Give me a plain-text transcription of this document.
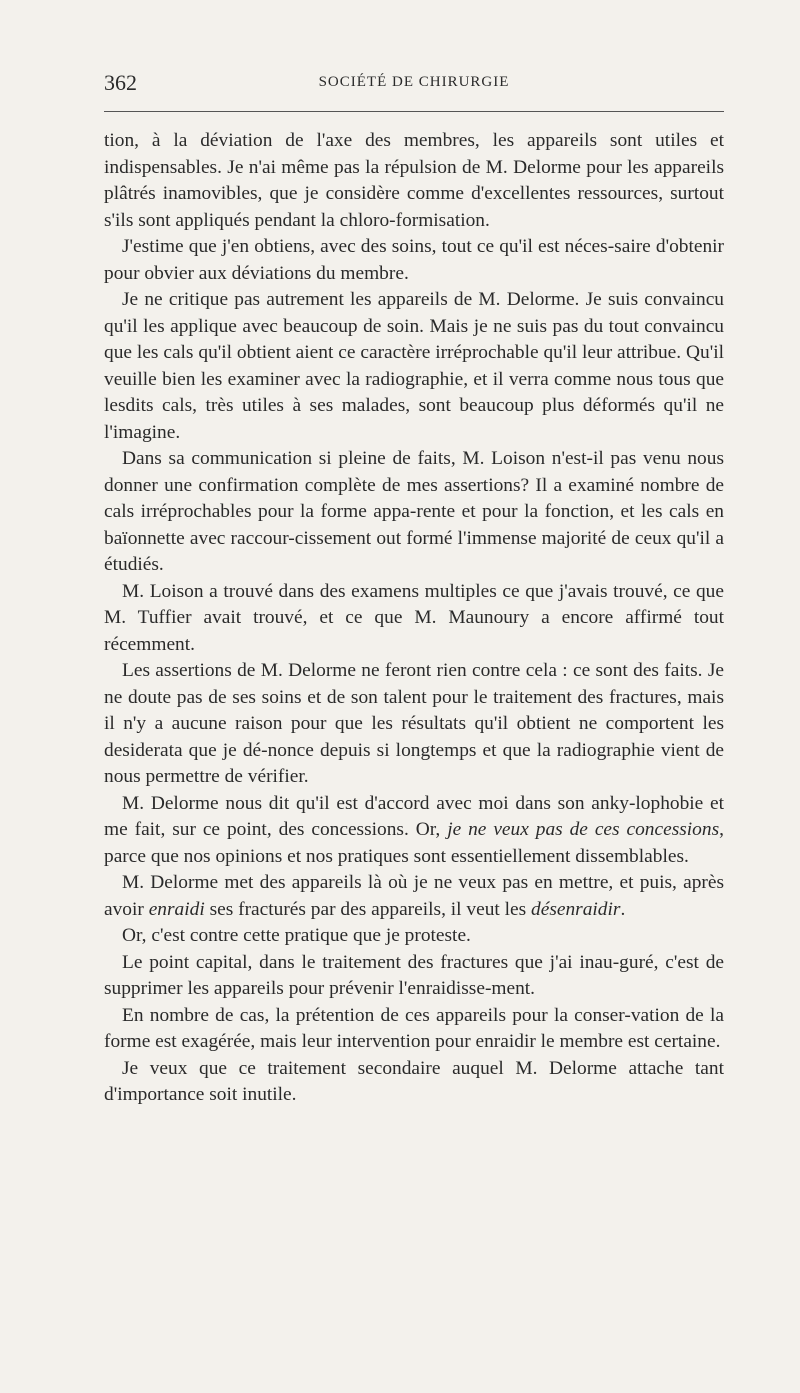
362	SOCIÉTÉ DE CHIRURGIE

tion, à la déviation de l'axe des membres, les appareils sont utiles et indispensables. Je n'ai même pas la répulsion de M. Delorme pour les appareils plâtrés inamovibles, que je considère comme d'excellentes ressources, surtout s'ils sont appliqués pendant la chloro-formisation.

J'estime que j'en obtiens, avec des soins, tout ce qu'il est néces-saire d'obtenir pour obvier aux déviations du membre.

Je ne critique pas autrement les appareils de M. Delorme. Je suis convaincu qu'il les applique avec beaucoup de soin. Mais je ne suis pas du tout convaincu que les cals qu'il obtient aient ce caractère irréprochable qu'il leur attribue. Qu'il veuille bien les examiner avec la radiographie, et il verra comme nous tous que lesdits cals, très utiles à ses malades, sont beaucoup plus déformés qu'il ne l'imagine.

Dans sa communication si pleine de faits, M. Loison n'est-il pas venu nous donner une confirmation complète de mes assertions? Il a examiné nombre de cals irréprochables pour la forme appa-rente et pour la fonction, et les cals en baïonnette avec raccour-cissement out formé l'immense majorité de ceux qu'il a étudiés.

M. Loison a trouvé dans des examens multiples ce que j'avais trouvé, ce que M. Tuffier avait trouvé, et ce que M. Maunoury a encore affirmé tout récemment.

Les assertions de M. Delorme ne feront rien contre cela : ce sont des faits. Je ne doute pas de ses soins et de son talent pour le traitement des fractures, mais il n'y a aucune raison pour que les résultats qu'il obtient ne comportent les desiderata que je dé-nonce depuis si longtemps et que la radiographie vient de nous permettre de vérifier.

M. Delorme nous dit qu'il est d'accord avec moi dans son anky-lophobie et me fait, sur ce point, des concessions. Or, je ne veux pas de ces concessions, parce que nos opinions et nos pratiques sont essentiellement dissemblables.

M. Delorme met des appareils là où je ne veux pas en mettre, et puis, après avoir enraidi ses fracturés par des appareils, il veut les désenraidir.

Or, c'est contre cette pratique que je proteste.

Le point capital, dans le traitement des fractures que j'ai inau-guré, c'est de supprimer les appareils pour prévenir l'enraidisse-ment.

En nombre de cas, la prétention de ces appareils pour la conser-vation de la forme est exagérée, mais leur intervention pour enraidir le membre est certaine.

Je veux que ce traitement secondaire auquel M. Delorme attache tant d'importance soit inutile.
